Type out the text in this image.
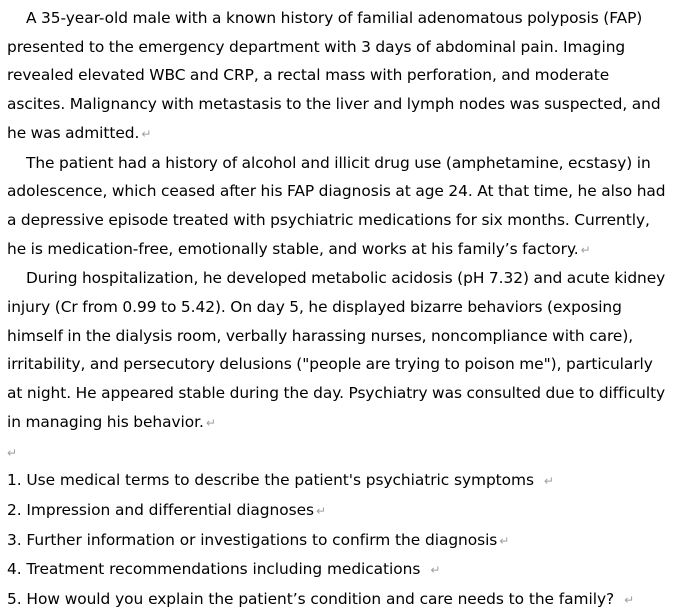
A 35-year-old male with a known history of familial adenomatous polyposis (FAP) presented to the emergency department with 3 days of abdominal pain. Imaging revealed elevated WBC and CRP, a rectal mass with perforation, and moderate ascites. Malignancy with metastasis to the liver and lymph nodes was suspected, and he was admitted. ↵

The patient had a history of alcohol and illicit drug use (amphetamine, ecstasy) in adolescence, which ceased after his FAP diagnosis at age 24. At that time, he also had a depressive episode treated with psychiatric medications for six months. Currently, he is medication-free, emotionally stable, and works at his family’s factory. ↵

During hospitalization, he developed metabolic acidosis (pH 7.32) and acute kidney injury (Cr from 0.99 to 5.42). On day 5, he displayed bizarre behaviors (exposing himself in the dialysis room, verbally harassing nurses, noncompliance with care), irritability, and persecutory delusions ("people are trying to poison me"), particularly at night. He appeared stable during the day. Psychiatry was consulted due to difficulty in managing his behavior. ↵

↵
1. Use medical terms to describe the patient's psychiatric symptoms ↵
2. Impression and differential diagnoses ↵
3. Further information or investigations to confirm the diagnosis ↵
4. Treatment recommendations including medications ↵
5. How would you explain the patient’s condition and care needs to the family? ↵
